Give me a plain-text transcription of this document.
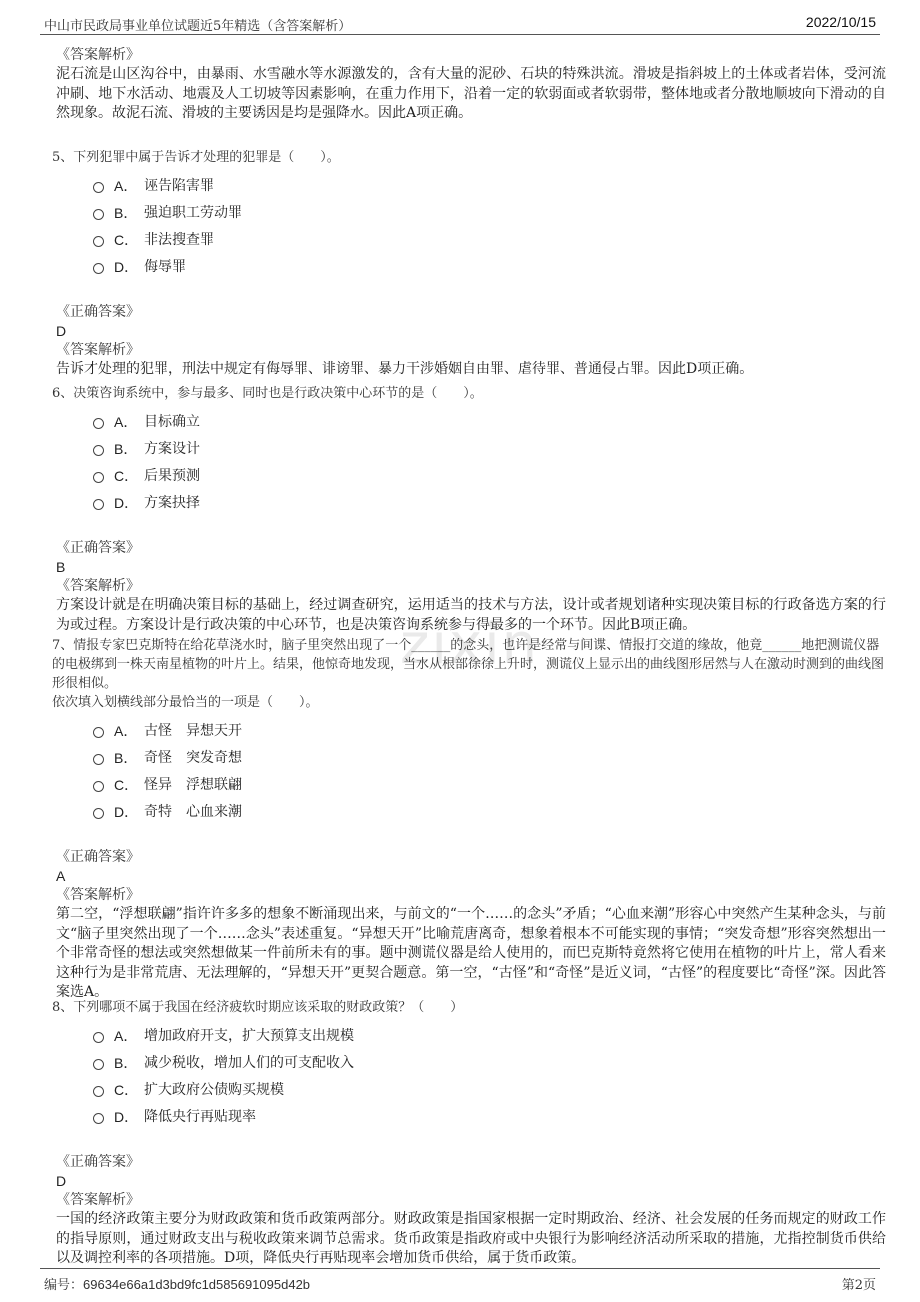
中山市民政局事业单位试题近5年精选（含答案解析）	2022/10/15
zixin
《答案解析》
泥石流是山区沟谷中，由暴雨、水雪融水等水源激发的，含有大量的泥砂、石块的特殊洪流。滑坡是指斜坡上的土体或者岩体，受河流冲刷、地下水活动、地震及人工切坡等因素影响，在重力作用下，沿着一定的软弱面或者软弱带，整体地或者分散地顺坡向下滑动的自然现象。故泥石流、滑坡的主要诱因是均是强降水。因此A项正确。
5、下列犯罪中属于告诉才处理的犯罪是（　　）。
A． 诬告陷害罪
B． 强迫职工劳动罪
C． 非法搜查罪
D． 侮辱罪
《正确答案》
D
《答案解析》
告诉才处理的犯罪，刑法中规定有侮辱罪、诽谤罪、暴力干涉婚姻自由罪、虐待罪、普通侵占罪。因此D项正确。
6、决策咨询系统中，参与最多、同时也是行政决策中心环节的是（　　）。
A． 目标确立
B． 方案设计
C． 后果预测
D． 方案抉择
《正确答案》
B
《答案解析》
方案设计就是在明确决策目标的基础上，经过调查研究，运用适当的技术与方法，设计或者规划诸种实现决策目标的行政备选方案的行为或过程。方案设计是行政决策的中心环节，也是决策咨询系统参与得最多的一个环节。因此B项正确。
7、情报专家巴克斯特在给花草浇水时，脑子里突然出现了一个______的念头，也许是经常与间谍、情报打交道的缘故，他竟______地把测谎仪器的电极绑到一株天南星植物的叶片上。结果，他惊奇地发现，当水从根部徐徐上升时，测谎仪上显示出的曲线图形居然与人在激动时测到的曲线图形很相似。
依次填入划横线部分最恰当的一项是（　　）。
A． 古怪　异想天开
B． 奇怪　突发奇想
C． 怪异　浮想联翩
D． 奇特　心血来潮
《正确答案》
A
《答案解析》
第二空，“浮想联翩”指许许多多的想象不断涌现出来，与前文的“一个……的念头”矛盾；“心血来潮”形容心中突然产生某种念头，与前文“脑子里突然出现了一个……念头”表述重复。“异想天开”比喻荒唐离奇，想象着根本不可能实现的事情；“突发奇想”形容突然想出一个非常奇怪的想法或突然想做某一件前所未有的事。题中测谎仪器是给人使用的，而巴克斯特竟然将它使用在植物的叶片上，常人看来这种行为是非常荒唐、无法理解的，“异想天开”更契合题意。第一空，“古怪”和“奇怪”是近义词，“古怪”的程度要比“奇怪”深。因此答案选A。
8、下列哪项不属于我国在经济疲软时期应该采取的财政政策？（　　）
A． 增加政府开支，扩大预算支出规模
B． 减少税收，增加人们的可支配收入
C． 扩大政府公债购买规模
D． 降低央行再贴现率
《正确答案》
D
《答案解析》
一国的经济政策主要分为财政政策和货币政策两部分。财政政策是指国家根据一定时期政治、经济、社会发展的任务而规定的财政工作的指导原则，通过财政支出与税收政策来调节总需求。货币政策是指政府或中央银行为影响经济活动所采取的措施，尤指控制货币供给以及调控利率的各项措施。D项，降低央行再贴现率会增加货币供给，属于货币政策。
编号：69634e66a1d3bd9fc1d585691095d42b	第2页
